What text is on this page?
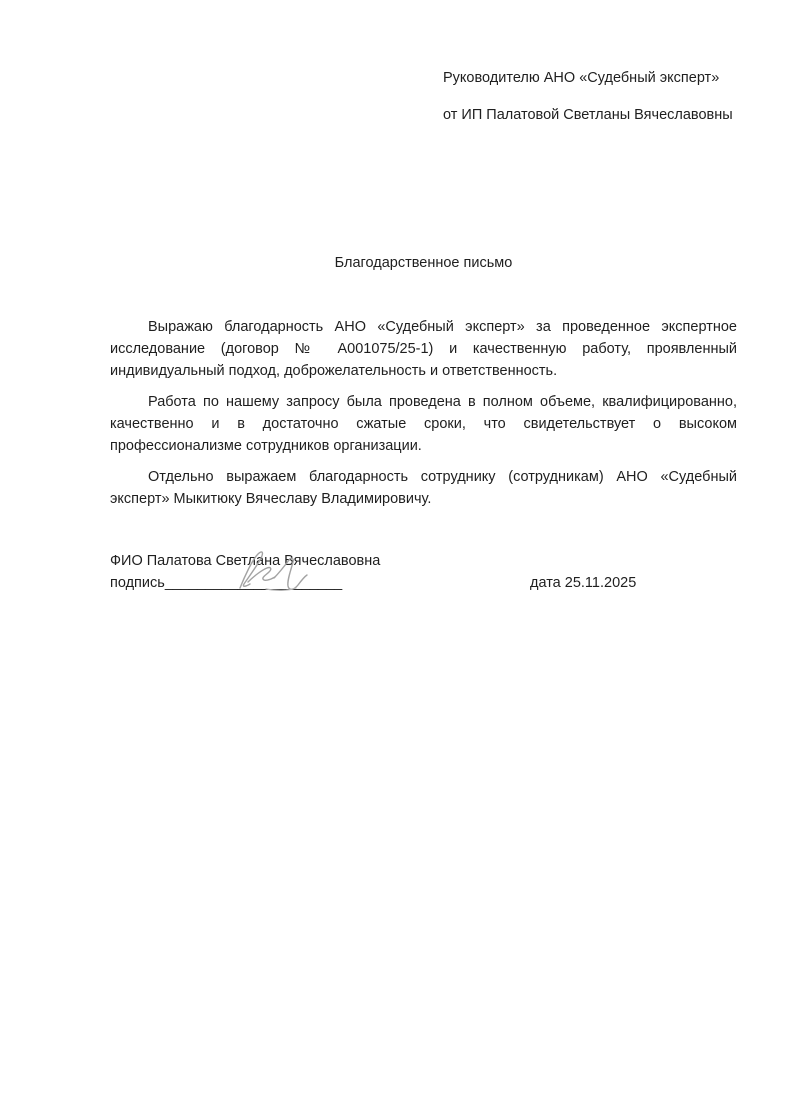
Руководителю АНО «Судебный эксперт»

от ИП Палатовой Светланы Вячеславовны

Благодарственное письмо

Выражаю благодарность АНО «Судебный эксперт» за проведенное экспертное исследование (договор № А001075/25-1) и качественную работу, проявленный индивидуальный подход, доброжелательность и ответственность.

Работа по нашему запросу была проведена в полном объеме, квалифицированно, качественно и в достаточно сжатые сроки, что свидетельствует о высоком профессионализме сотрудников организации.

Отдельно выражаем благодарность сотруднику (сотрудникам) АНО «Судебный эксперт» Мыкитюку Вячеславу Владимировичу.

ФИО Палатова Светлана Вячеславовна

подпись______________________	дата 25.11.2025
